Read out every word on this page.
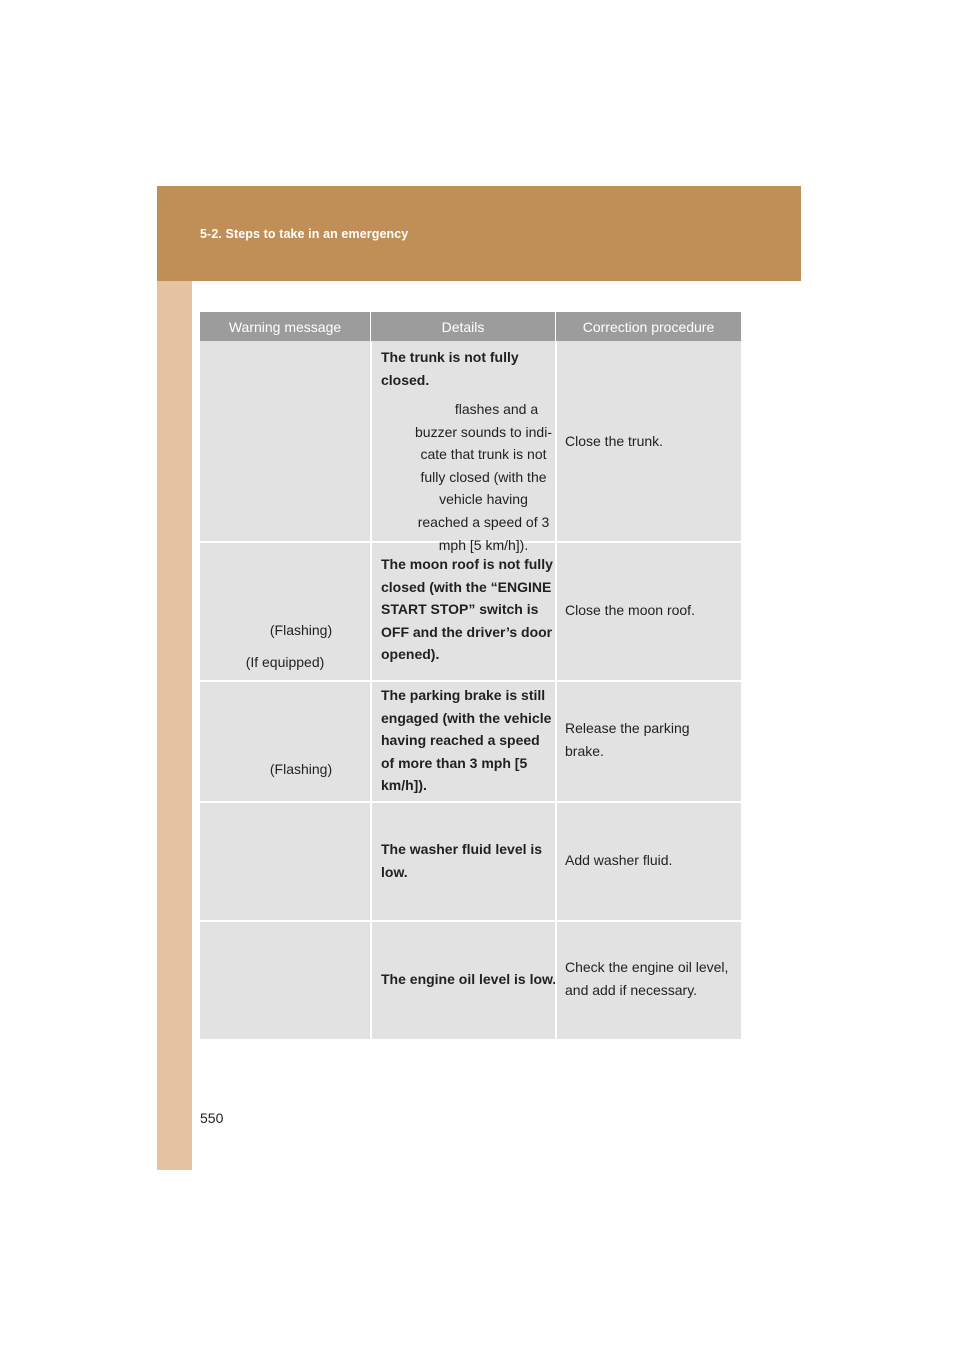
5-2. Steps to take in an emergency
Warning message	Details	Correction procedure
The trunk is not fully closed.
flashes and a buzzer sounds to indi-cate that trunk is not fully closed (with the vehicle having reached a speed of 3 mph [5 km/h]).
Close the trunk.
(Flashing)
(If equipped)
The moon roof is not fully closed (with the “ENGINE START STOP” switch is OFF and the driver’s door opened).
Close the moon roof.
(Flashing)
The parking brake is still engaged (with the vehicle having reached a speed of more than 3 mph [5 km/h]).
Release the parking brake.
The washer fluid level is low.
Add washer fluid.
The engine oil level is low.
Check the engine oil level, and add if necessary.
550
